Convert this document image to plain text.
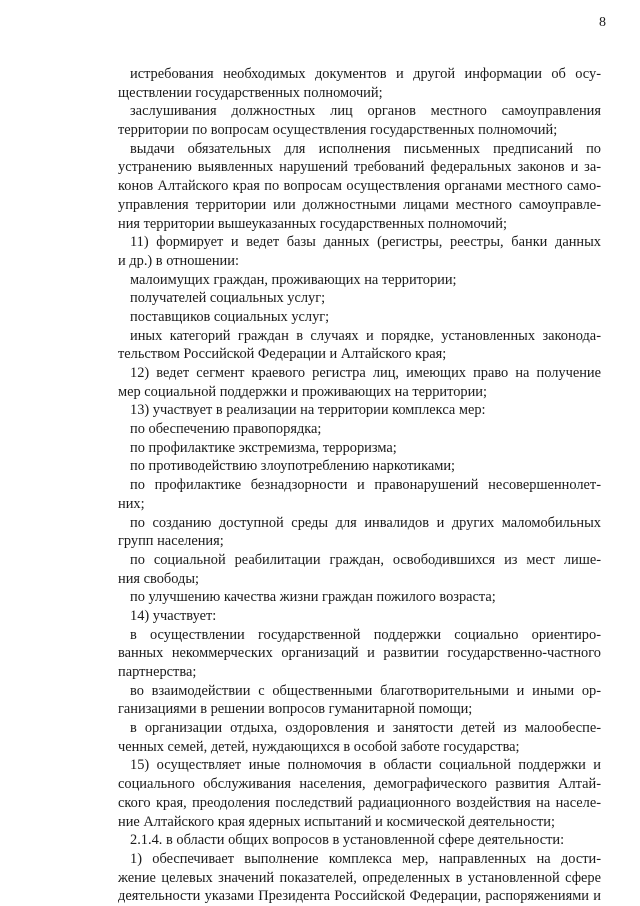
8
истребования необходимых документов и другой информации об осу-
ществлении государственных полномочий;
заслушивания должностных лиц органов местного самоуправления
территории по вопросам осуществления государственных полномочий;
выдачи обязательных для исполнения письменных предписаний по
устранению выявленных нарушений требований федеральных законов и за-
конов Алтайского края по вопросам осуществления органами местного само-
управления территории или должностными лицами местного самоуправле-
ния территории вышеуказанных государственных полномочий;
11) формирует и ведет базы данных (регистры, реестры, банки данных
и др.) в отношении:
малоимущих граждан, проживающих на территории;
получателей социальных услуг;
поставщиков социальных услуг;
иных категорий граждан в случаях и порядке, установленных законода-
тельством Российской Федерации и Алтайского края;
12) ведет сегмент краевого регистра лиц, имеющих право на получение
мер социальной поддержки и проживающих на территории;
13) участвует в реализации на территории комплекса мер:
по обеспечению правопорядка;
по профилактике экстремизма, терроризма;
по противодействию злоупотреблению наркотиками;
по профилактике безнадзорности и правонарушений несовершеннолет-
них;
по созданию доступной среды для инвалидов и других маломобильных
групп населения;
по социальной реабилитации граждан, освободившихся из мест лише-
ния свободы;
по улучшению качества жизни граждан пожилого возраста;
14) участвует:
в осуществлении государственной поддержки социально ориентиро-
ванных некоммерческих организаций и развитии государственно-частного
партнерства;
во взаимодействии с общественными благотворительными и иными ор-
ганизациями в решении вопросов гуманитарной помощи;
в организации отдыха, оздоровления и занятости детей из малообеспе-
ченных семей, детей, нуждающихся в особой заботе государства;
15) осуществляет иные полномочия в области социальной поддержки и
социального обслуживания населения, демографического развития Алтай-
ского края, преодоления последствий радиационного воздействия на населе-
ние Алтайского края ядерных испытаний и космической деятельности;
2.1.4. в области общих вопросов в установленной сфере деятельности:
1) обеспечивает выполнение комплекса мер, направленных на дости-
жение целевых значений показателей, определенных в установленной сфере
деятельности указами Президента Российской Федерации, распоряжениями и
